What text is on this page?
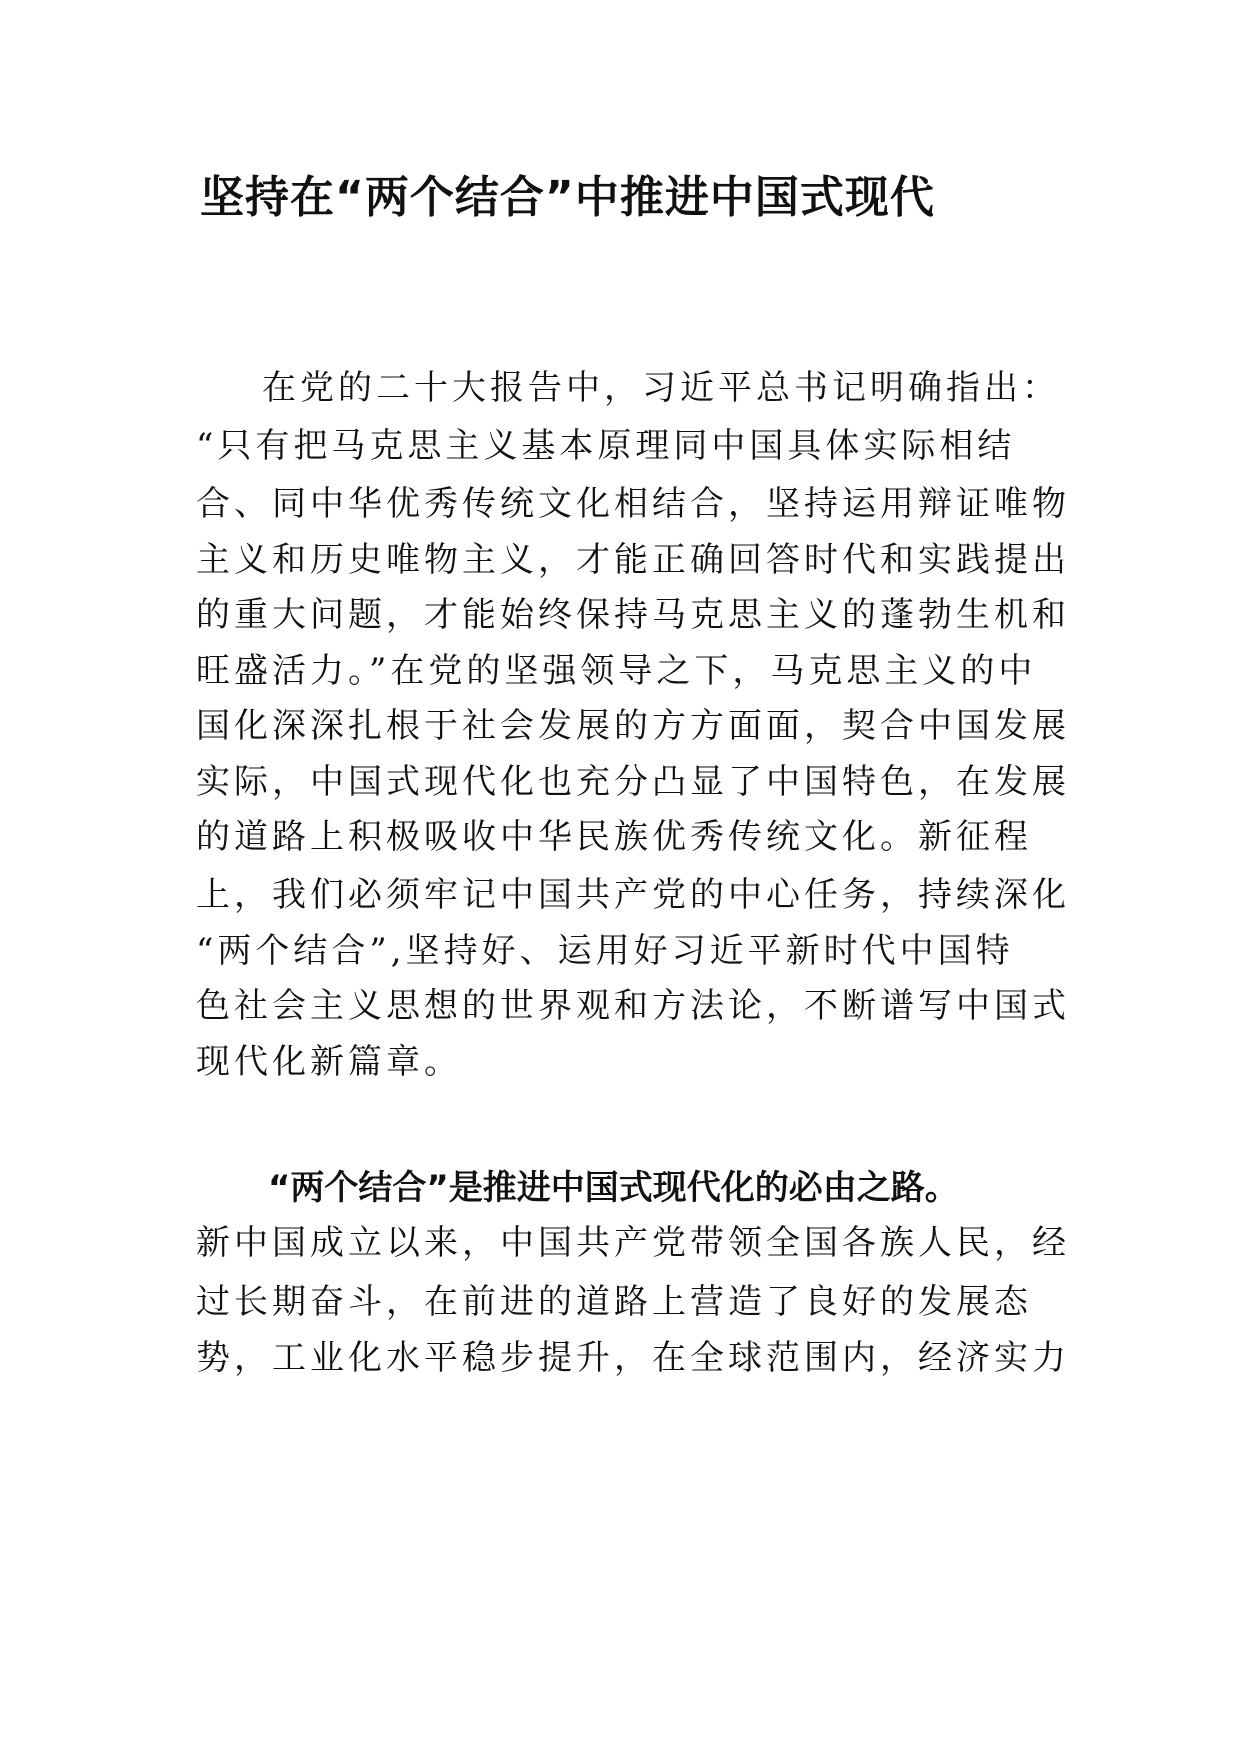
坚持在“两个结合”中推进中国式现代
在党的二十大报告中，习近平总书记明确指出：
“只有把马克思主义基本原理同中国具体实际相结
合、同中华优秀传统文化相结合，坚持运用辩证唯物
主义和历史唯物主义，才能正确回答时代和实践提出
的重大问题，才能始终保持马克思主义的蓬勃生机和
旺盛活力。”在党的坚强领导之下，马克思主义的中
国化深深扎根于社会发展的方方面面，契合中国发展
实际，中国式现代化也充分凸显了中国特色，在发展
的道路上积极吸收中华民族优秀传统文化。新征程
上，我们必须牢记中国共产党的中心任务，持续深化
“两个结合”,坚持好、运用好习近平新时代中国特
色社会主义思想的世界观和方法论，不断谱写中国式
现代化新篇章。
“两个结合”是推进中国式现代化的必由之路。
新中国成立以来，中国共产党带领全国各族人民，经
过长期奋斗，在前进的道路上营造了良好的发展态
势，工业化水平稳步提升，在全球范围内，经济实力
